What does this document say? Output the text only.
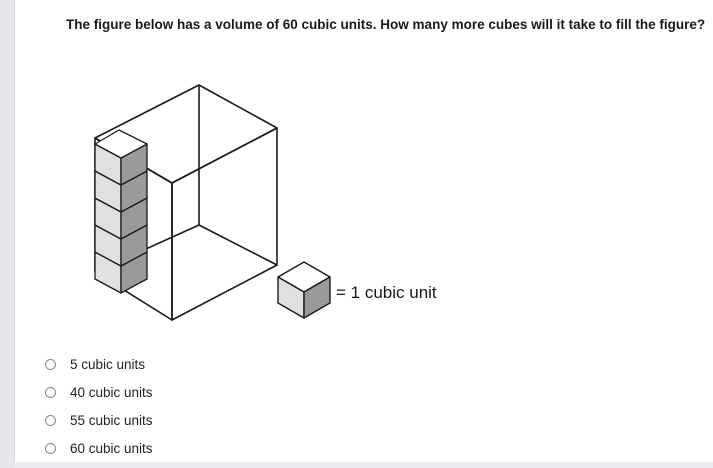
The figure below has a volume of 60 cubic units. How many more cubes will it take to fill the figure?

= 1 cubic unit
5 cubic units
40 cubic units
55 cubic units
60 cubic units
